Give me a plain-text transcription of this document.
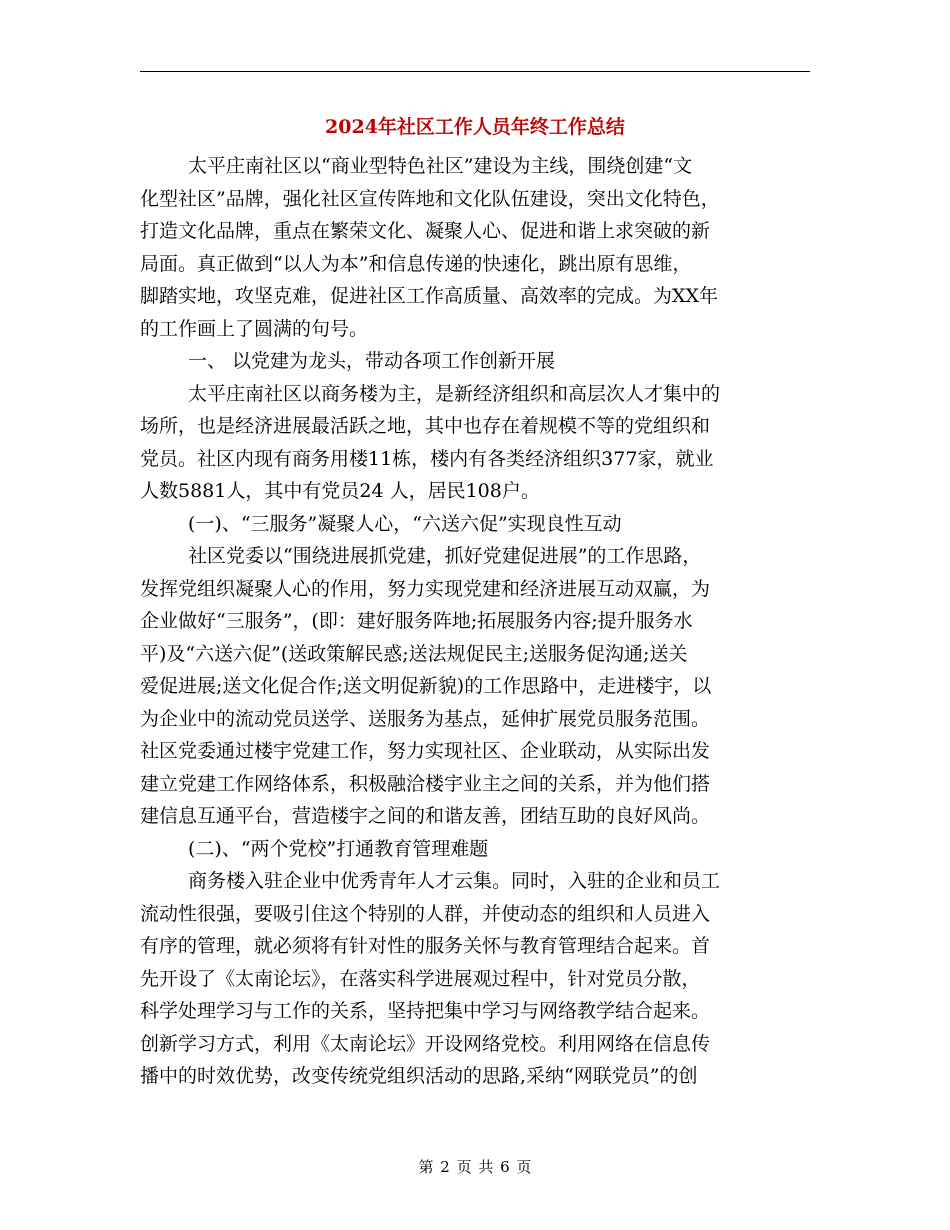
2024年社区工作人员年终工作总结
太平庄南社区以“商业型特色社区”建设为主线，围绕创建“文
化型社区”品牌，强化社区宣传阵地和文化队伍建设，突出文化特色，
打造文化品牌，重点在繁荣文化、凝聚人心、促进和谐上求突破的新
局面。真正做到“以人为本”和信息传递的快速化，跳出原有思维，
脚踏实地，攻坚克难，促进社区工作高质量、高效率的完成。为XX年
的工作画上了圆满的句号。
一、 以党建为龙头，带动各项工作创新开展
太平庄南社区以商务楼为主，是新经济组织和高层次人才集中的
场所，也是经济进展最活跃之地，其中也存在着规模不等的党组织和
党员。社区内现有商务用楼11栋，楼内有各类经济组织377家，就业
人数5881人，其中有党员24 人，居民108户。
(一)、“三服务”凝聚人心，“六送六促”实现良性互动
社区党委以“围绕进展抓党建，抓好党建促进展”的工作思路，
发挥党组织凝聚人心的作用，努力实现党建和经济进展互动双赢，为
企业做好“三服务”，(即：建好服务阵地;拓展服务内容;提升服务水
平)及“六送六促”(送政策解民惑;送法规促民主;送服务促沟通;送关
爱促进展;送文化促合作;送文明促新貌)的工作思路中，走进楼宇，以
为企业中的流动党员送学、送服务为基点，延伸扩展党员服务范围。
社区党委通过楼宇党建工作，努力实现社区、企业联动，从实际出发
建立党建工作网络体系，积极融洽楼宇业主之间的关系，并为他们搭
建信息互通平台，营造楼宇之间的和谐友善，团结互助的良好风尚。
(二)、“两个党校”打通教育管理难题
商务楼入驻企业中优秀青年人才云集。同时，入驻的企业和员工
流动性很强，要吸引住这个特别的人群，并使动态的组织和人员进入
有序的管理，就必须将有针对性的服务关怀与教育管理结合起来。首
先开设了《太南论坛》，在落实科学进展观过程中，针对党员分散，
科学处理学习与工作的关系，坚持把集中学习与网络教学结合起来。
创新学习方式，利用《太南论坛》开设网络党校。利用网络在信息传
播中的时效优势，改变传统党组织活动的思路,采纳“网联党员”的创
第 2 页 共 6 页
